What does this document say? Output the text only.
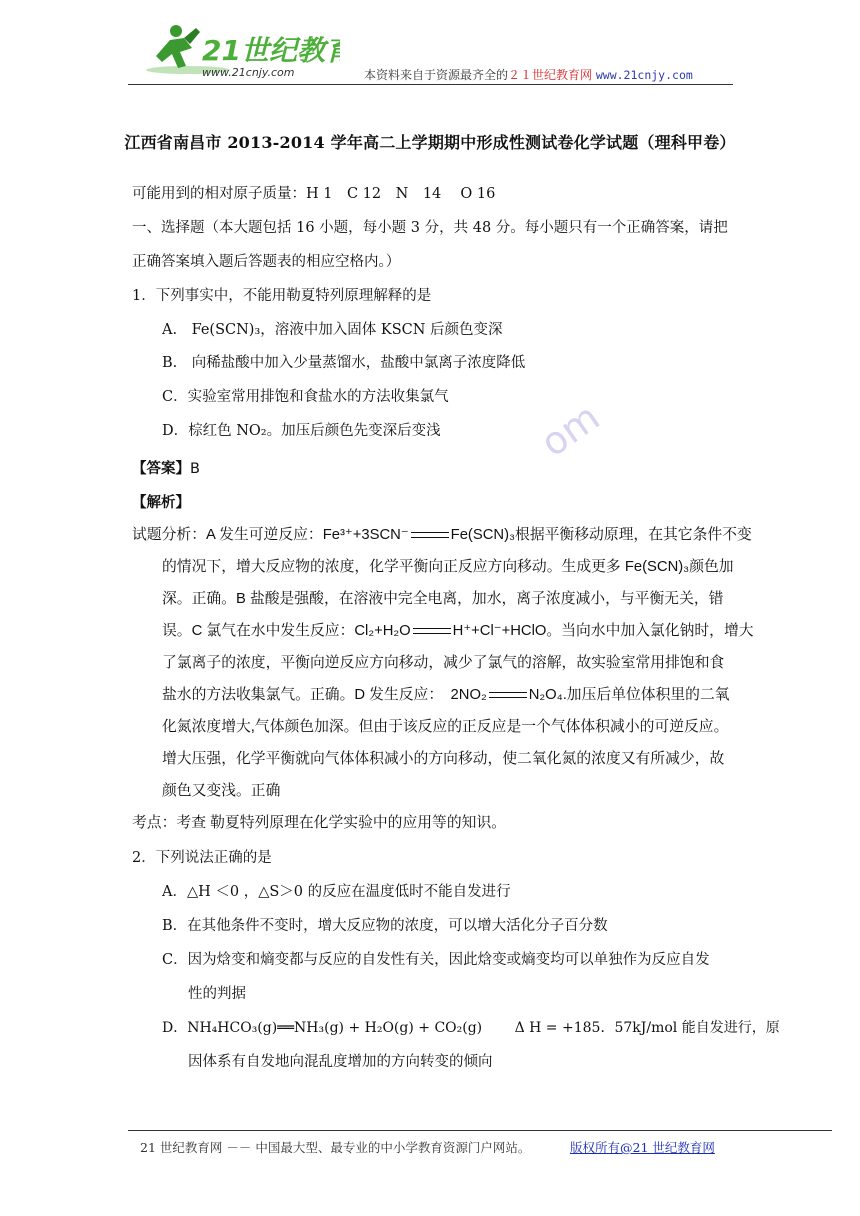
21世纪教育
www.21cnjy.com	本资料来自于资源最齐全的２１世纪教育网 www.21cnjy.com
江西省南昌市 2013-2014 学年高二上学期期中形成性测试卷化学试题（理科甲卷）
可能用到的相对原子质量：H 1　C 12　N　14　 O 16
一、选择题（本大题包括 16 小题，每小题 3 分，共 48 分。每小题只有一个正确答案，请把
正确答案填入题后答题表的相应空格内。）
1．下列事实中，不能用勒夏特列原理解释的是
A.　Fe(SCN)₃，溶液中加入固体 KSCN 后颜色变深
B.　向稀盐酸中加入少量蒸馏水，盐酸中氯离子浓度降低
C．实验室常用排饱和食盐水的方法收集氯气
D．棕红色 NO₂。加压后颜色先变深后变浅 om
【答案】B
【解析】
试题分析：A 发生可逆反应：Fe³⁺+3SCN⁻	Fe(SCN)₃根据平衡移动原理，在其它条件不变
的情况下，增大反应物的浓度，化学平衡向正反应方向移动。生成更多 Fe(SCN)₃颜色加
深。正确。B 盐酸是强酸，在溶液中完全电离，加水，离子浓度减小，与平衡无关，错
误。C 氯气在水中发生反应：Cl₂+H₂O	H⁺+Cl⁻+HClO。当向水中加入氯化钠时，增大
了氯离子的浓度，平衡向逆反应方向移动，减少了氯气的溶解，故实验室常用排饱和食
盐水的方法收集氯气。正确。D 发生反应：　2NO₂	N₂O₄.加压后单位体积里的二氧
化氮浓度增大,气体颜色加深。但由于该反应的正反应是一个气体体积减小的可逆反应。
增大压强，化学平衡就向气体体积减小的方向移动，使二氧化氮的浓度又有所减少，故
颜色又变浅。正确
考点：考查 勒夏特列原理在化学实验中的应用等的知识。
2．下列说法正确的是
A．△H ＜0 ，△S＞0 的反应在温度低时不能自发进行
B．在其他条件不变时，增大反应物的浓度，可以增大活化分子百分数
C．因为焓变和熵变都与反应的自发性有关，因此焓变或熵变均可以单独作为反应自发
性的判据
D．NH₄HCO₃(g)══NH₃(g) + H₂O(g) + CO₂(g)　　 Δ H = +185．57kJ/mol 能自发进行，原
因体系有自发地向混乱度增加的方向转变的倾向
21 世纪教育网 －－ 中国最大型、最专业的中小学教育资源门户网站。	版权所有@21 世纪教育网
